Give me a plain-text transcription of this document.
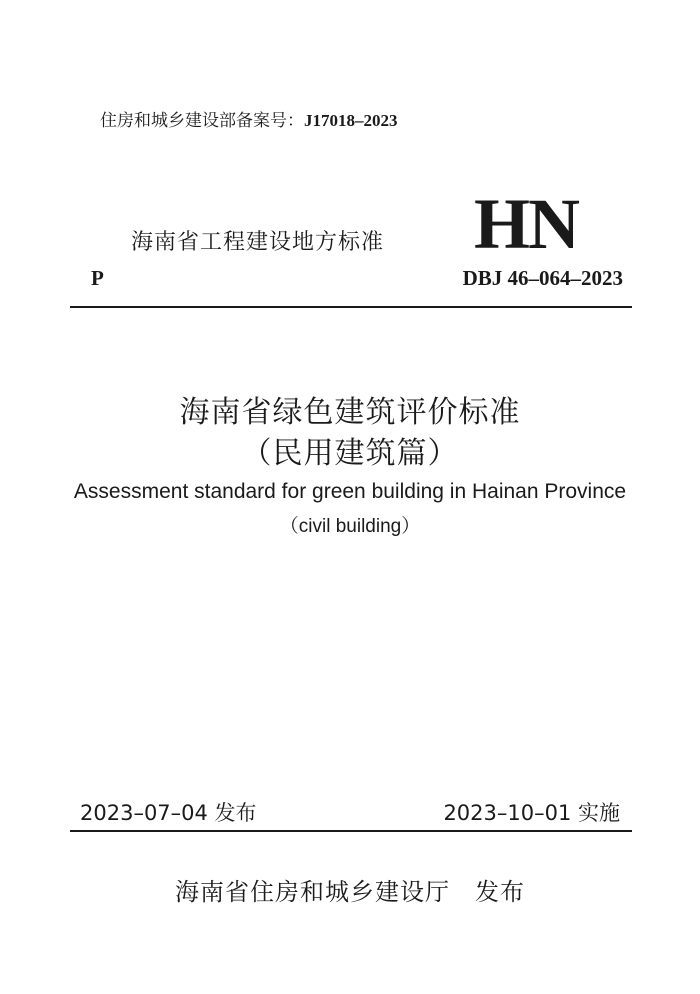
住房和城乡建设部备案号：J17018–2023
海南省工程建设地方标准 HN
P	DBJ 46–064–2023
海南省绿色建筑评价标准
（民用建筑篇）
Assessment standard for green building in Hainan Province
（civil building）
2023–07–04 发布	2023–10–01 实施
海南省住房和城乡建设厅　发布
